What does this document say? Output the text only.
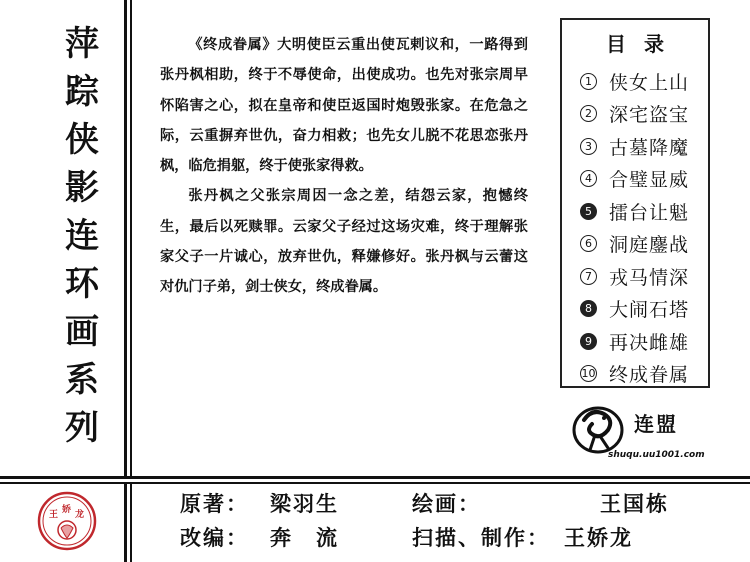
萍
踪
侠
影
连
环
画
系
列

《终成眷属》大明使臣云重出使瓦剌议和，一路得到张丹枫相助，终于不辱使命，出使成功。也先对张宗周早怀陷害之心，拟在皇帝和使臣返国时炮毁张家。在危急之际，云重摒弃世仇，奋力相救；也先女儿脱不花思恋张丹枫，临危捐躯，终于使张家得救。

张丹枫之父张宗周因一念之差，结怨云家，抱憾终生，最后以死赎罪。云家父子经过这场灾难，终于理解张家父子一片诚心，放弃世仇，释嫌修好。张丹枫与云蕾这对仇门子弟，剑士侠女，终成眷属。

目录
1 侠女上山
2 深宅盗宝
3 古墓降魔
4 合璧显威
5 擂台让魁
6 洞庭鏖战
7 戎马情深
8 大闹石塔
9 再决雌雄
10 终成眷属
连盟
shuqu.uu1001.com
王 娇 龙	原著： 梁羽生	绘画：	王国栋
改编： 奔　流	扫描、制作： 王娇龙
